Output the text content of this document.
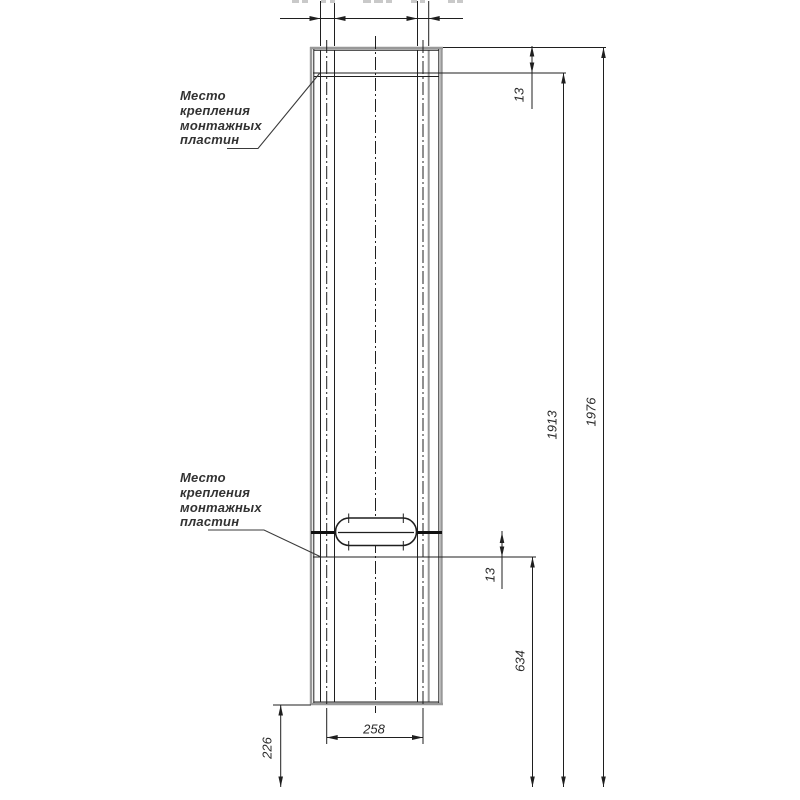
Место
крепления
монтажных
пластин
Место
крепления
монтажных
пластин
13
13
634
1913 1976
226
258
